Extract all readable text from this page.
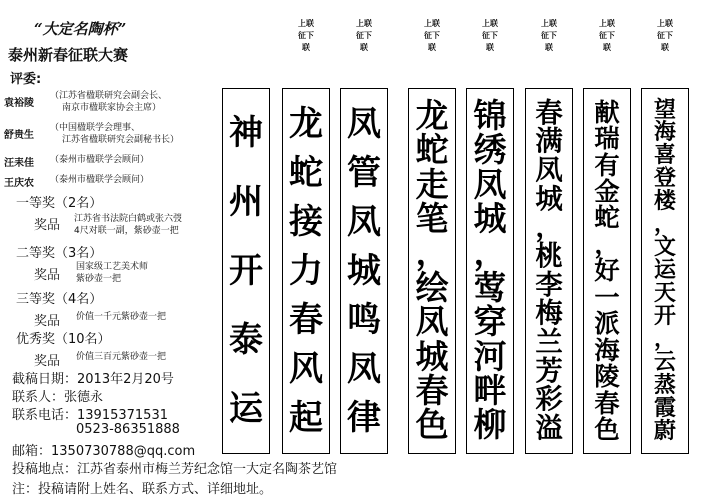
“大定名陶杯”
泰州新春征联大赛
评委:
袁裕陵
（江苏省楹联研究会副会长、
南京市楹联家协会主席）
舒贵生
（中国楹联学会理事、
江苏省楹联研究会副秘书长）
汪耒佳 （泰州市楹联学会顾问）
王庆农 （泰州市楹联学会顾问）
一等奖（2名）
奖品 江苏省书法院白鹤或张六弢
4尺对联一副，紫砂壶一把
二等奖（3名）
奖品
国家级工艺美术师
紫砂壶一把
三等奖（4名）
奖品 价值一千元紫砂壶一把
优秀奖（10名）
奖品 价值三百元紫砂壶一把
截稿日期：2013年2月20号
联系人：张德永
联系电话：13915371531
0523-86351888
邮箱：1350730788@qq.com
投稿地点：江苏省泰州市梅兰芳纪念馆一大定名陶茶艺馆
注：投稿请附上姓名、联系方式、详细地址。
上联征下联
上联征下联
上联征下联
上联征下联
上联征下联
上联征下联
上联征下联
望
海
喜
登
楼
，
文
运
天
开
，
云
蒸
霞
蔚
献
瑞
有
金
蛇
，
好
一
派
海
陵
春
色
春
满
凤
城
，
桃
李
梅
兰
芳
彩
溢
锦
绣
凤
城
，
莺
穿
河
畔
柳
龙
蛇
走
笔
，
绘
凤
城
春
色
凤
管
凤
城
鸣
凤
律
龙
蛇
接
力
春
风
起
神
州
开
泰
运
